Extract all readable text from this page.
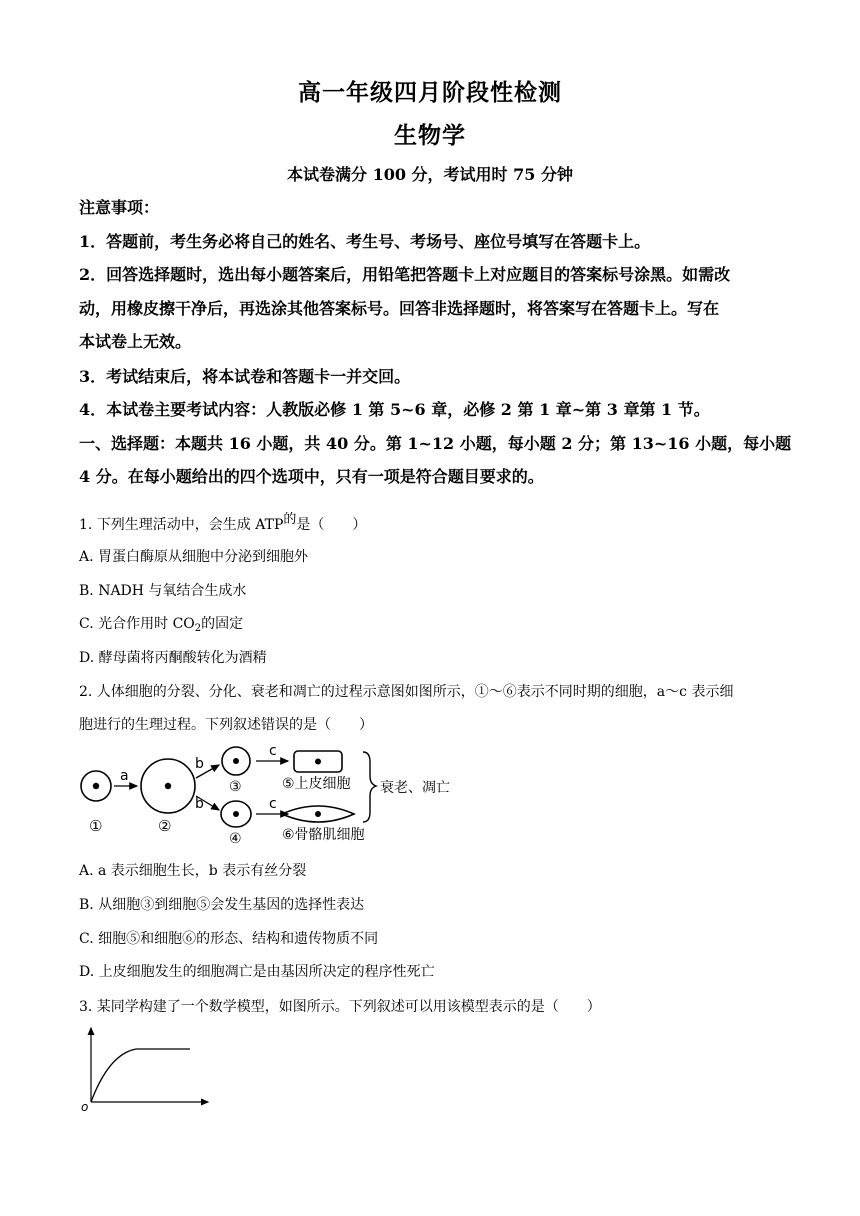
高一年级四月阶段性检测
生物学
本试卷满分 100 分，考试用时 75 分钟
注意事项：
1．答题前，考生务必将自己的姓名、考生号、考场号、座位号填写在答题卡上。
2．回答选择题时，选出每小题答案后，用铅笔把答题卡上对应题目的答案标号涂黑。如需改
动，用橡皮擦干净后，再选涂其他答案标号。回答非选择题时，将答案写在答题卡上。写在
本试卷上无效。
3．考试结束后，将本试卷和答题卡一并交回。
4．本试卷主要考试内容：人教版必修 1 第 5~6 章，必修 2 第 1 章~第 3 章第 1 节。
一、选择题：本题共 16 小题，共 40 分。第 1~12 小题，每小题 2 分；第 13~16 小题，每小题
4 分。在每小题给出的四个选项中，只有一项是符合题目要求的。
1. 下列生理活动中，会生成 ATP的是（　　）
A. 胃蛋白酶原从细胞中分泌到细胞外
B. NADH 与氧结合生成水
C. 光合作用时 $CO_2$的固定
D. 酵母菌将丙酮酸转化为酒精
2. 人体细胞的分裂、分化、衰老和凋亡的过程示意图如图所示，①～⑥表示不同时期的细胞，a～c 表示细
胞进行的生理过程。下列叙述错误的是（　　）
①
a
②
b
b
③
④
c
c
⑤上皮细胞
⑥骨骼肌细胞
衰老、凋亡
A. a 表示细胞生长，b 表示有丝分裂
B. 从细胞③到细胞⑤会发生基因的选择性表达
C. 细胞⑤和细胞⑥的形态、结构和遗传物质不同
D. 上皮细胞发生的细胞凋亡是由基因所决定的程序性死亡
3. 某同学构建了一个数学模型，如图所示。下列叙述可以用该模型表示的是（　　）
o
